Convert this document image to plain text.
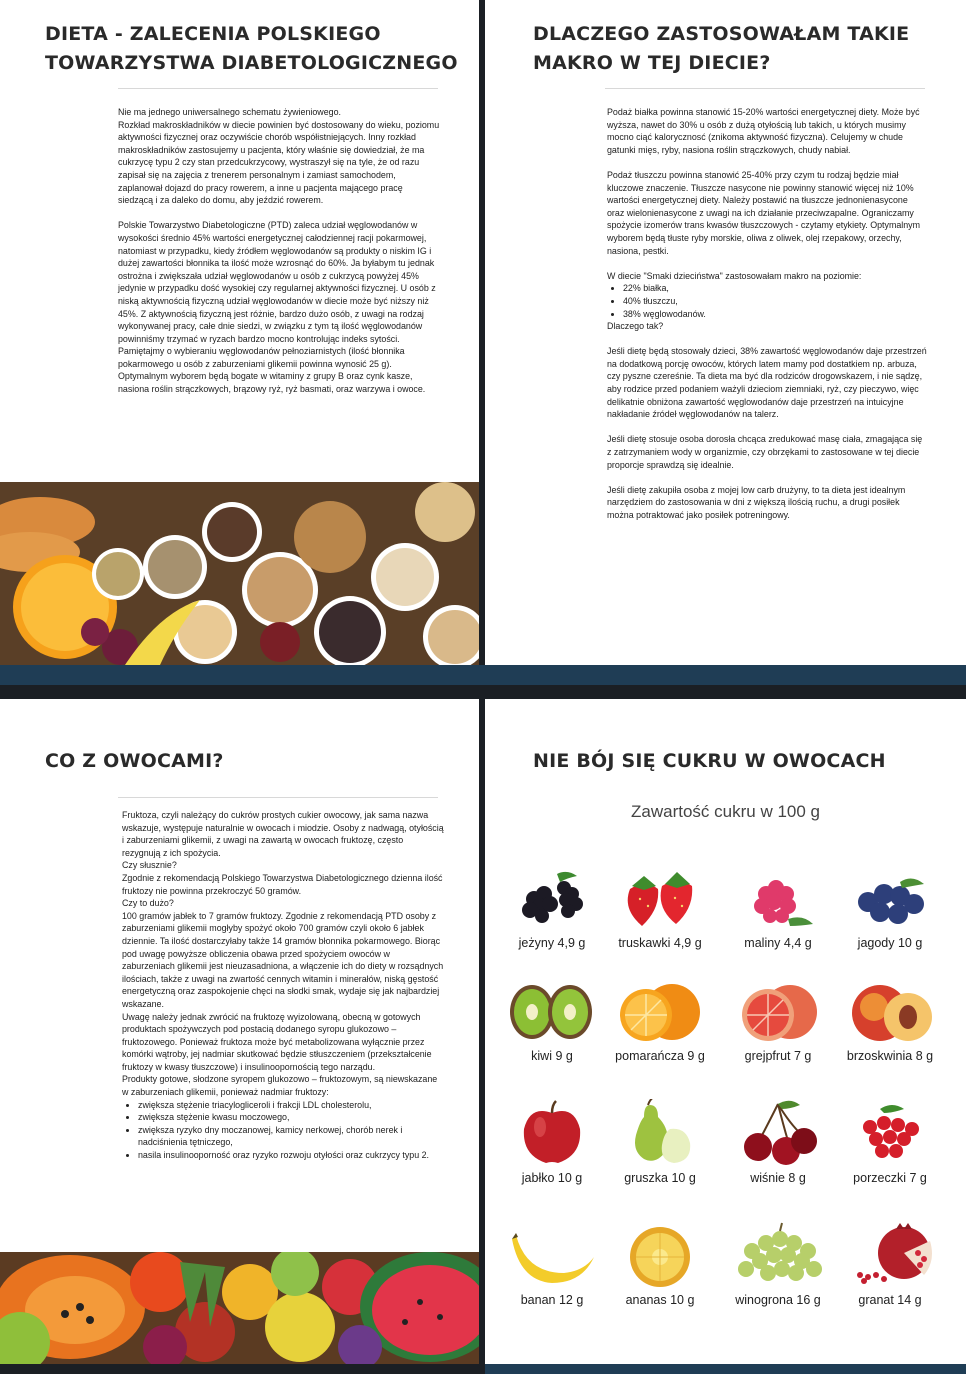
DIETA - ZALECENIA POLSKIEGO TOWARZYSTWA DIABETOLOGICZNEGO

Nie ma jednego uniwersalnego schematu żywieniowego.
Rozkład makroskładników w diecie powinien być dostosowany do wieku, poziomu aktywności fizycznej oraz oczywiście chorób współistniejących. Inny rozkład makroskładników zastosujemy u pacjenta, który właśnie się dowiedział, że ma cukrzycę typu 2 czy stan przedcukrzycowy, wystraszył się na tyle, że od razu zapisał się na zajęcia z trenerem personalnym i zamiast samochodem, zaplanował dojazd do pracy rowerem, a inne u pacjenta mającego pracę siedzącą i za daleko do domu, aby jeździć rowerem.

Polskie Towarzystwo Diabetologiczne (PTD) zaleca udział węglowodanów w wysokości średnio 45% wartości energetycznej całodziennej racji pokarmowej, natomiast w przypadku, kiedy źródłem węglowodanów są produkty o niskim IG i dużej zawartości błonnika ta ilość może wzrosnąć do 60%. Ja byłabym tu jednak ostrożna i zwiększała udział węglowodanów u osób z cukrzycą powyżej 45% jedynie w przypadku dość wysokiej czy regularnej aktywności fizycznej. U osób z niską aktywnością fizyczną udział węglowodanów w diecie może być niższy niż 45%. Z aktywnością fizyczną jest różnie, bardzo dużo osób, z uwagi na rodzaj wykonywanej pracy, całe dnie siedzi, w związku z tym tą ilość węglowodanów powinniśmy trzymać w ryzach bardzo mocno kontrolując indeks sytości. Pamiętajmy o wybieraniu węglowodanów pełnoziarnistych (ilość błonnika pokarmowego u osób z zaburzeniami glikemii powinna wynosić 25 g). Optymalnym wyborem będą bogate w witaminy z grupy B oraz cynk kasze, nasiona roślin strączkowych, brązowy ryż, ryż basmati, oraz warzywa i owoce.

DLACZEGO ZASTOSOWAŁAM TAKIE MAKRO W TEJ DIECIE?

Podaż białka powinna stanowić 15-20% wartości energetycznej diety. Może być wyższa, nawet do 30% u osób z dużą otyłością lub takich, u których musimy mocno ciąć kalorycznosć (znikoma aktywność fizyczna). Celujemy w chude gatunki mięs, ryby, nasiona roślin strączkowych, chudy nabiał.

Podaż tłuszczu powinna stanowić 25-40% przy czym tu rodzaj będzie miał kluczowe znaczenie. Tłuszcze nasycone nie powinny stanowić więcej niż 10% wartości energetycznej diety. Należy postawić na tłuszcze jednonienasycone oraz wielonienasycone z uwagi na ich działanie przeciwzapalne. Ograniczamy spożycie izomerów trans kwasów tłuszczowych - czytamy etykiety. Optymalnym wyborem będą tłuste ryby morskie, oliwa z oliwek, olej rzepakowy, orzechy, nasiona, pestki.

W diecie "Smaki dzieciństwa" zastosowałam makro na poziomie:

• 22% białka,
• 40% tłuszczu,
• 38% węglowodanów.

Dlaczego tak?

Jeśli dietę będą stosowały dzieci, 38% zawartość węglowodanów daje przestrzeń na dodatkową porcję owoców, których latem mamy pod dostatkiem np. arbuza, czy pyszne czereśnie. Ta dieta ma być dla rodziców drogowskazem, i nie sądzę, aby rodzice przed podaniem ważyli dzieciom ziemniaki, ryż, czy pieczywo, więc delikatnie obniżona zawartość węglowodanów daje przestrzeń na intuicyjne nakładanie źródeł węglowodanów na talerz.

Jeśli dietę stosuje osoba dorosła chcąca zredukować masę ciała, zmagająca się z zatrzymaniem wody w organizmie, czy obrzękami to zastosowane w tej diecie proporcje sprawdzą się idealnie.

Jeśli dietę zakupiła osoba z mojej low carb drużyny, to ta dieta jest idealnym narzędziem do zastosowania w dni z większą ilością ruchu, a drugi posiłek można potraktować jako posiłek potreningowy.

CO Z OWOCAMI?

Fruktoza, czyli należący do cukrów prostych cukier owocowy, jak sama nazwa wskazuje, występuje naturalnie w owocach i miodzie. Osoby z nadwagą, otyłością i zaburzeniami glikemii, z uwagi na zawartą w owocach fruktozę, często rezygnują z ich spożycia.
Czy słusznie?
Zgodnie z rekomendacją Polskiego Towarzystwa Diabetologicznego dzienna ilość fruktozy nie powinna przekroczyć 50 gramów.
Czy to dużo?
100 gramów jabłek to 7 gramów fruktozy. Zgodnie z rekomendacją PTD osoby z zaburzeniami glikemii mogłyby spożyć około 700 gramów czyli około 6 jabłek dziennie. Ta ilość dostarczyłaby także 14 gramów błonnika pokarmowego. Biorąc pod uwagę powyższe obliczenia obawa przed spożyciem owoców w zaburzeniach glikemii jest nieuzasadniona, a włączenie ich do diety w rozsądnych ilościach, także z uwagi na zwartość cennych witamin i minerałów, niską gęstość energetyczną oraz zaspokojenie chęci na słodki smak, wydaje się jak najbardziej wskazane.
Uwagę należy jednak zwrócić na fruktozę wyizolowaną, obecną w gotowych produktach spożywczych pod postacią dodanego syropu glukozowo – fruktozowego. Ponieważ fruktoza może być metabolizowana wyłącznie przez komórki wątroby, jej nadmiar skutkować będzie stłuszczeniem (przekształcenie fruktozy w kwasy tłuszczowe) i insulinoopornością tego narządu.
Produkty gotowe, słodzone syropem glukozowo – fruktozowym, są niewskazane w zaburzeniach glikemii, ponieważ nadmiar fruktozy:

• zwiększa stężenie triacylogliceroli i frakcji LDL cholesterolu,
• zwiększa stężenie kwasu moczowego,
• zwiększa ryzyko dny moczanowej, kamicy nerkowej, chorób nerek i nadciśnienia tętniczego,
• nasila insulinooporność oraz ryzyko rozwoju otyłości oraz cukrzycy typu 2.
NIE BÓJ SIĘ CUKRU W OWOCACH
Zawartość cukru w 100 g
jeżyny 4,9 g	truskawki 4,9 g	maliny 4,4 g	jagody 10 g
kiwi 9 g	pomarańcza 9 g	grejpfrut 7 g	brzoskwinia 8 g
jabłko 10 g	gruszka 10 g	wiśnie 8 g	porzeczki 7 g
banan 12 g	ananas 10 g	winogrona 16 g	granat 14 g
